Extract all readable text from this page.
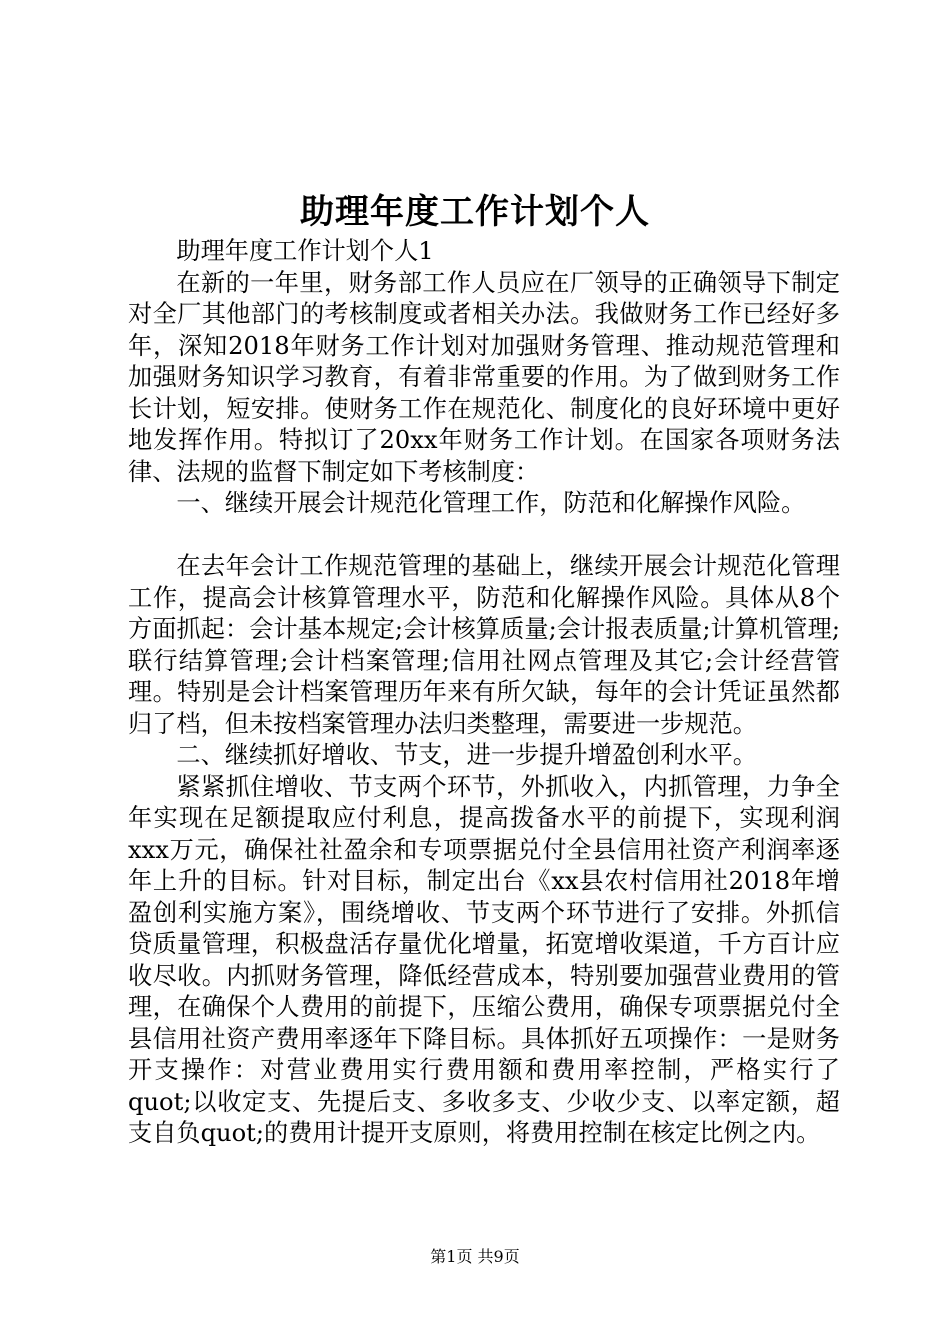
助理年度工作计划个人

助理年度工作计划个人1

在新的一年里，财务部工作人员应在厂领导的正确领导下制定对全厂其他部门的考核制度或者相关办法。我做财务工作已经好多年，深知2018年财务工作计划对加强财务管理、推动规范管理和加强财务知识学习教育，有着非常重要的作用。为了做到财务工作长计划，短安排。使财务工作在规范化、制度化的良好环境中更好地发挥作用。特拟订了20xx年财务工作计划。在国家各项财务法律、法规的监督下制定如下考核制度：

一、继续开展会计规范化管理工作，防范和化解操作风险。

在去年会计工作规范管理的基础上，继续开展会计规范化管理工作，提高会计核算管理水平，防范和化解操作风险。具体从8个方面抓起：会计基本规定;会计核算质量;会计报表质量;计算机管理;联行结算管理;会计档案管理;信用社网点管理及其它;会计经营管理。特别是会计档案管理历年来有所欠缺，每年的会计凭证虽然都归了档，但未按档案管理办法归类整理，需要进一步规范。

二、继续抓好增收、节支，进一步提升增盈创利水平。

紧紧抓住增收、节支两个环节，外抓收入，内抓管理，力争全年实现在足额提取应付利息，提高拨备水平的前提下，实现利润xxx万元，确保社社盈余和专项票据兑付全县信用社资产利润率逐年上升的目标。针对目标，制定出台《xx县农村信用社2018年增盈创利实施方案》，围绕增收、节支两个环节进行了安排。外抓信贷质量管理，积极盘活存量优化增量，拓宽增收渠道，千方百计应收尽收。内抓财务管理，降低经营成本，特别要加强营业费用的管理，在确保个人费用的前提下，压缩公费用，确保专项票据兑付全县信用社资产费用率逐年下降目标。具体抓好五项操作：一是财务开支操作：对营业费用实行费用额和费用率控制，严格实行了quot;以收定支、先提后支、多收多支、少收少支、以率定额，超支自负quot;的费用计提开支原则，将费用控制在核定比例之内。

第1页 共9页
